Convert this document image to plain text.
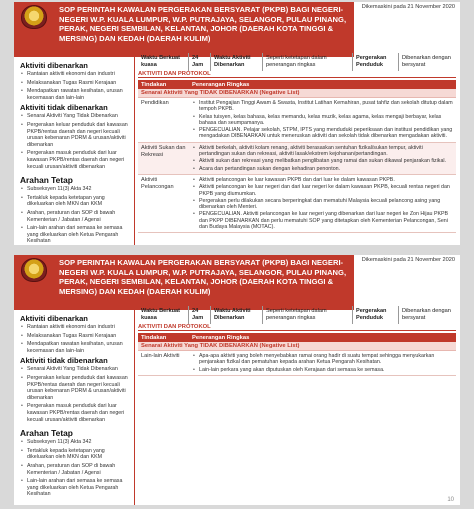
SOP PERINTAH KAWALAN PERGERAKAN BERSYARAT (PKPB) BAGI NEGERI-NEGERI W.P. KUALA LUMPUR, W.P. PUTRAJAYA, SELANGOR, PULAU PINANG, PERAK, NEGERI SEMBILAN, KELANTAN, JOHOR (DAERAH KOTA TINGGI & MERSING) DAN KEDAH (DAERAH KULIM)
Dikemaskini pada 21 November 2020
Aktiviti dibenarkan
• Rantaian aktiviti ekonomi dan industri
• Melaksanakan Tugas Rasmi Kerajaan
• Mendapatkan rawatan kesihatan, urusan kecemasan dan lain-lain
Aktiviti tidak dibenarkan
• Senarai Aktiviti Yang Tidak Dibenarkan
• Pergerakan keluar penduduk dari kawasan PKPB/rentas daerah dan negeri kecuali urusan kebenaran PDRM & urusan/aktiviti dibenarkan
• Pergerakan masuk penduduk dari luar kawasan PKPB/rentas daerah dan negeri kecuali urusan/aktiviti dibenarkan
Arahan Tetap
• Subseksyen 11(3) Akta 342
• Tertakluk kepada ketetapan yang dikeluarkan oleh MKN dan KKM
• Arahan, peraturan dan SOP di bawah Kementerian / Jabatan / Agensi
• Lain-lain arahan dari semasa ke semasa yang dikeluarkan oleh Ketua Pengarah Kesihatan
Waktu Berkuat kuasa
24 Jam
Waktu Aktiviti Dibenarkan
Seperti ketetapan dalam penerangan ringkas
Pergerakan Penduduk
Dibenarkan dengan bersyarat
AKTIVITI DAN PROTOKOL
Tindakan	Penerangan Ringkas
Senarai Aktiviti Yang TIDAK DIBENARKAN (Negative List)
Pendidikan	• Institut Pengajian Tinggi Awam & Swasta, Institut Latihan Kemahiran, pusat tahfiz dan sekolah ditutup dalam tempoh PKPB.
• Kelas tuisyen, kelas bahasa, kelas memandu, kelas muzik, kelas agama, kelas mengaji berbayar, kelas bahasa dan seumpamanya.
• PENGECUALIAN. Pelajar sekolah, STPM, IPTS yang menduduki peperiksaan dan institusi pendidikan yang mengadakan DIBENARKAN untuk meneruskan aktiviti dan sekolah tidak dibenarkan mengadakan aktiviti.
Aktiviti Sukan dan Rekreasi
• Aktiviti berkelah, aktiviti kolam renang, aktiviti berasaskan sentuhan fizikal/sukan tempur, aktiviti pertandingan sukan dan rekreasi, aktiviti lasak/ekstrem kejohanan/pertandingan.
• Aktiviti sukan dan rekreasi yang melibatkan penglibatan yang ramai dan sukan dikawal penjarakan fizikal.
• Acara dan pertandingan sukan dengan kehadiran penonton.
Aktiviti Pelancongan
• Aktiviti pelancongan ke luar kawasan PKPB dan dari luar ke dalam kawasan PKPB.
• Aktiviti pelancongan ke luar negeri dan dari luar negeri ke dalam kawasan PKPB, kecuali rentas negeri dan PKPB yang diumumkan.
• Pergerakan perlu dilakukan secara berperingkat dan mematuhi Malaysia kecuali pelancong asing yang dibenarkan oleh Menteri.
• PENGECUALIAN. Aktiviti pelancongan ke luar negeri yang dibenarkan dari luar negeri ke Zon Hijau PKPB dan PKPP DIBENARKAN dan perlu mematuhi SOP yang ditetapkan oleh Kementerian Pelancongan, Seni dan Budaya Malaysia (MOTAC).
SOP PERINTAH KAWALAN PERGERAKAN BERSYARAT (PKPB) BAGI NEGERI-NEGERI W.P. KUALA LUMPUR, W.P. PUTRAJAYA, SELANGOR, PULAU PINANG, PERAK, NEGERI SEMBILAN, KELANTAN, JOHOR (DAERAH KOTA TINGGI & MERSING) DAN KEDAH (DAERAH KULIM)
Dikemaskini pada 21 November 2020
Aktiviti dibenarkan
• Rantaian aktiviti ekonomi dan industri
• Melaksanakan Tugas Rasmi Kerajaan
• Mendapatkan rawatan kesihatan, urusan kecemasan dan lain-lain
Aktiviti tidak dibenarkan
• Senarai Aktiviti Yang Tidak Dibenarkan
• Pergerakan keluar penduduk dari kawasan PKPB/rentas daerah dan negeri kecuali urusan kebenaran PDRM & urusan/aktiviti dibenarkan
• Pergerakan masuk penduduk dari luar kawasan PKPB/rentas daerah dan negeri kecuali urusan/aktiviti dibenarkan
Arahan Tetap
• Subseksyen 11(3) Akta 342
• Tertakluk kepada ketetapan yang dikeluarkan oleh MKN dan KKM
• Arahan, peraturan dan SOP di bawah Kementerian / Jabatan / Agensi
• Lain-lain arahan dari semasa ke semasa yang dikeluarkan oleh Ketua Pengarah Kesihatan
Waktu Berkuat kuasa
24 Jam
Waktu Aktiviti Dibenarkan
Seperti ketetapan dalam penerangan ringkas
Pergerakan Penduduk
Dibenarkan dengan bersyarat
AKTIVITI DAN PROTOKOL
Tindakan	Penerangan Ringkas
Senarai Aktiviti Yang TIDAK DIBENARKAN (Negative List)
Lain-lain Aktiviti	• Apa-apa aktiviti yang boleh menyebabkan ramai orang hadir di suatu tempat sehingga menyukarkan penjarakan fizikal dan pematuhan kepada arahan Ketua Pengarah Kesihatan.
• Lain-lain perkara yang akan diputuskan oleh Kerajaan dari semasa ke semasa.
10
